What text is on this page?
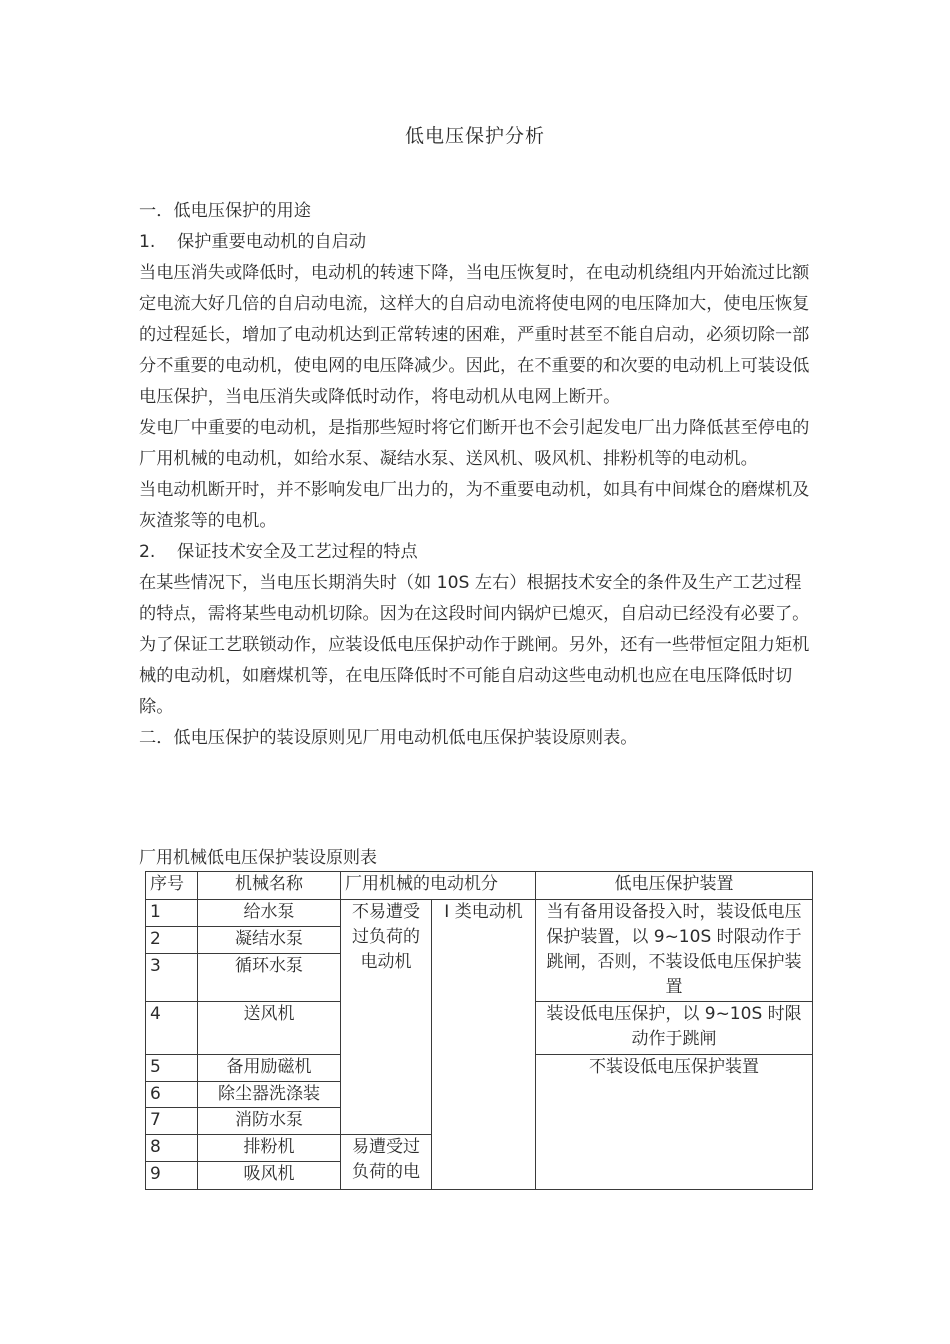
低电压保护分析

一．低电压保护的用途

1. 保护重要电动机的自启动

当电压消失或降低时，电动机的转速下降，当电压恢复时，在电动机绕组内开始流过比额定电流大好几倍的自启动电流，这样大的自启动电流将使电网的电压降加大，使电压恢复的过程延长，增加了电动机达到正常转速的困难，严重时甚至不能自启动，必须切除一部分不重要的电动机，使电网的电压降减少。因此，在不重要的和次要的电动机上可装设低电压保护，当电压消失或降低时动作，将电动机从电网上断开。

发电厂中重要的电动机，是指那些短时将它们断开也不会引起发电厂出力降低甚至停电的厂用机械的电动机，如给水泵、凝结水泵、送风机、吸风机、排粉机等的电动机。

当电动机断开时，并不影响发电厂出力的，为不重要电动机，如具有中间煤仓的磨煤机及灰渣浆等的电机。

2. 保证技术安全及工艺过程的特点

在某些情况下，当电压长期消失时（如 10S 左右）根据技术安全的条件及生产工艺过程的特点，需将某些电动机切除。因为在这段时间内锅炉已熄灭，自启动已经没有必要了。为了保证工艺联锁动作，应装设低电压保护动作于跳闸。另外，还有一些带恒定阻力矩机械的电动机，如磨煤机等，在电压降低时不可能自启动这些电动机也应在电压降低时切除。

二．低电压保护的装设原则见厂用电动机低电压保护装设原则表。

厂用机械低电压保护装设原则表
序号	机械名称	厂用机械的电动机分		低电压保护装置
1	给水泵	不易遭受过负荷的电动机	I 类电动机	当有备用设备投入时，装设低电压保护装置，以 9~10S 时限动作于跳闸，否则，不装设低电压保护装置

2	凝结水泵			
3	循环水泵			
4	送风机			装设低电压保护，以 9~10S 时限动作于跳闸

5	备用励磁机			不装设低电压保护装置

6	除尘器洗涤装			
7	消防水泵			
8	排粉机	易遭受过负荷的电		

9	吸风机			
